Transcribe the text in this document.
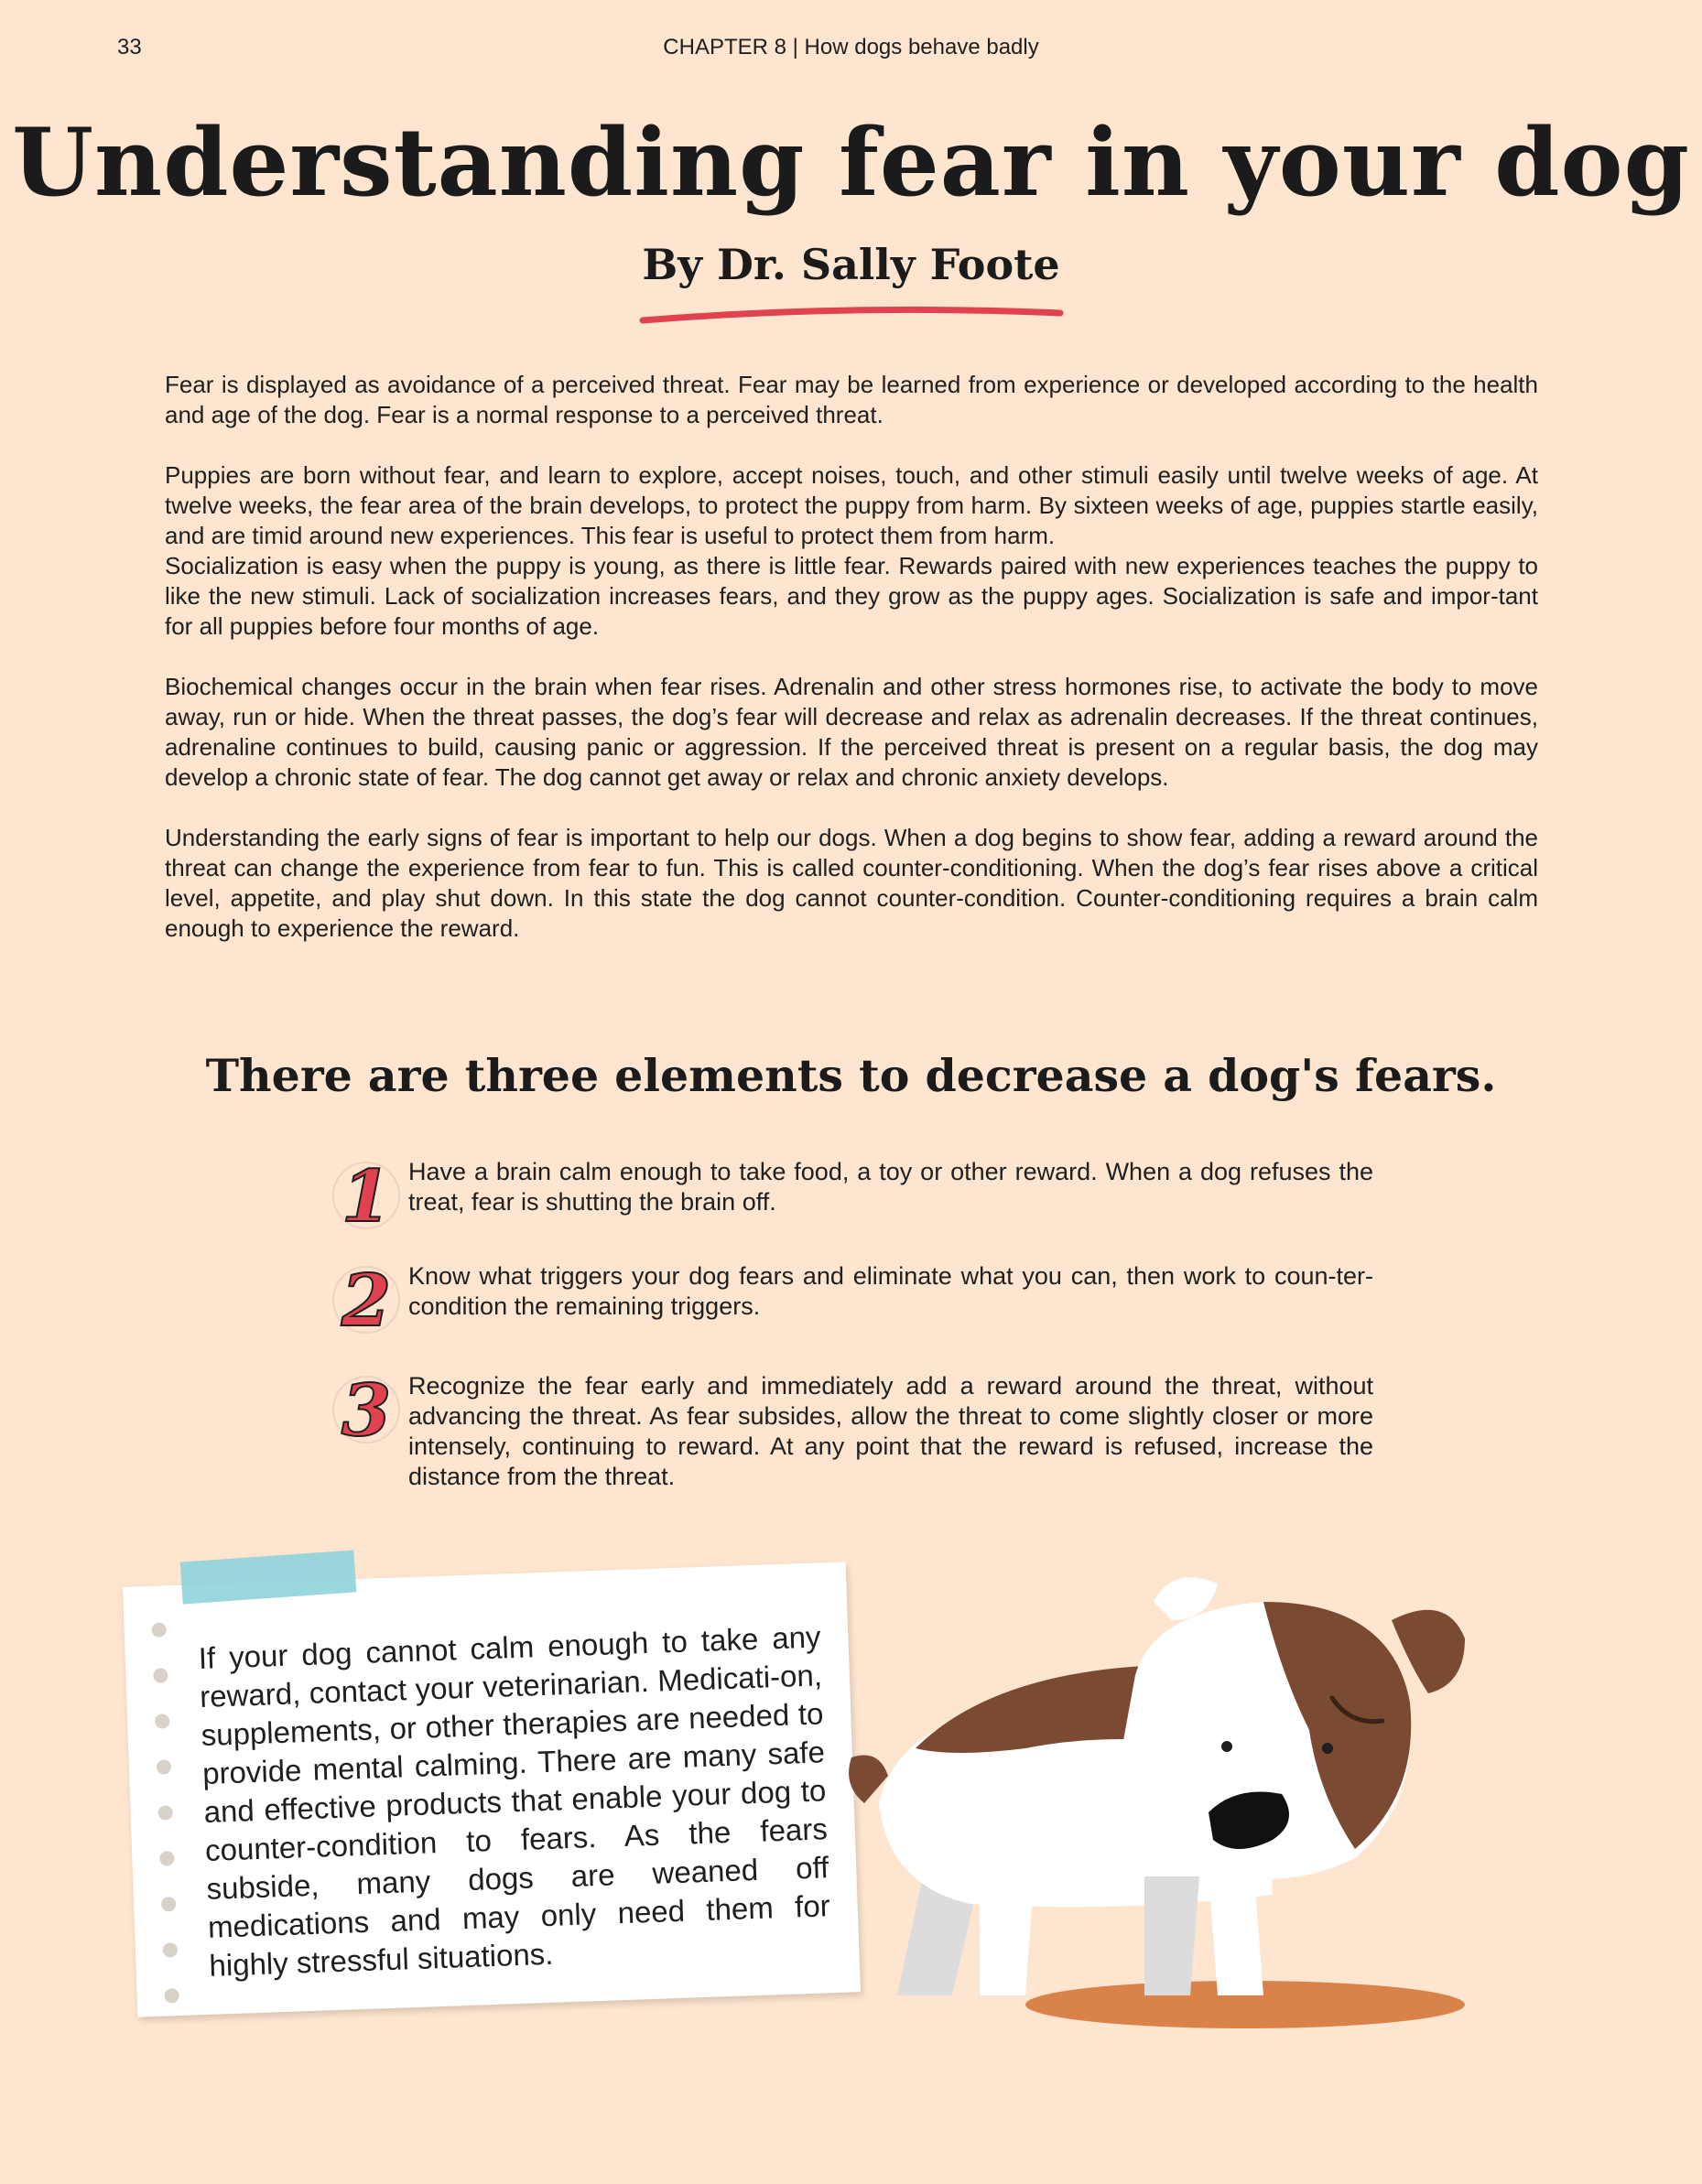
33	CHAPTER 8 | How dogs behave badly
Understanding fear in your dog
By Dr. Sally Foote

Fear is displayed as avoidance of a perceived threat. Fear may be learned from experience or developed according to the health and age of the dog. Fear is a normal response to a perceived threat.

Puppies are born without fear, and learn to explore, accept noises, touch, and other stimuli easily until twelve weeks of age. At twelve weeks, the fear area of the brain develops, to protect the puppy from harm. By sixteen weeks of age, puppies startle easily, and are timid around new experiences. This fear is useful to protect them from harm.

Socialization is easy when the puppy is young, as there is little fear. Rewards paired with new experiences teaches the puppy to like the new stimuli. Lack of socialization increases fears, and they grow as the puppy ages. Socialization is safe and impor-tant for all puppies before four months of age.

Biochemical changes occur in the brain when fear rises. Adrenalin and other stress hormones rise, to activate the body to move away, run or hide. When the threat passes, the dog’s fear will decrease and relax as adrenalin decreases. If the threat continues, adrenaline continues to build, causing panic or aggression. If the perceived threat is present on a regular basis, the dog may develop a chronic state of fear. The dog cannot get away or relax and chronic anxiety develops.

Understanding the early signs of fear is important to help our dogs. When a dog begins to show fear, adding a reward around the threat can change the experience from fear to fun. This is called counter-conditioning. When the dog’s fear rises above a critical level, appetite, and play shut down. In this state the dog cannot counter-condition. Counter-conditioning requires a brain calm enough to experience the reward.

There are three elements to decrease a dog's fears.
1 Have a brain calm enough to take food, a toy or other reward. When a dog refuses the treat, fear is shutting the brain off.
2 Know what triggers your dog fears and eliminate what you can, then work to coun-ter-condition the remaining triggers.
3 Recognize the fear early and immediately add a reward around the threat, without advancing the threat. As fear subsides, allow the threat to come slightly closer or more intensely, continuing to reward. At any point that the reward is refused, increase the distance from the threat.
If your dog cannot calm enough to take any reward, contact your veterinarian. Medicati-on, supplements, or other therapies are needed to provide mental calming. There are many safe and effective products that enable your dog to counter-condition to fears. As the fears subside, many dogs are weaned off medications and may only need them for highly stressful situations.
